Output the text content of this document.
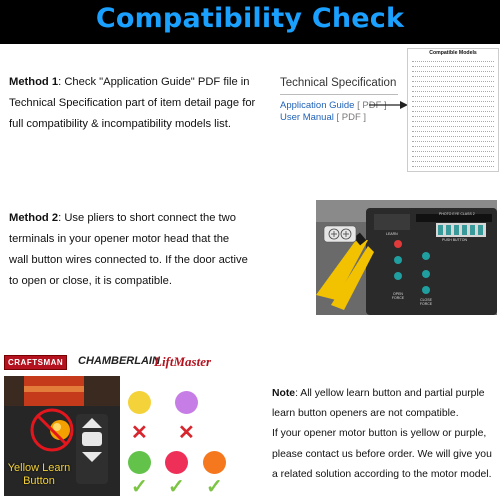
Compatibility Check
Method 1: Check "Application Guide" PDF file in
Technical Specification part of item detail page for
full compatibility & incompatibility models list.
Technical Specification
Application Guide [ PDF ]
User Manual [ PDF ]
Compatible Models
Method 2: Use pliers to short connect the two
terminals in your opener motor head that the
wall button wires connected to. If the door active
to open or close, it is compatible.
PHOTO EYE CLASS 2
PUSH BUTTON
LEARN
OPEN FORCE	CLOSE FORCE
CRAFTSMAN	CHAMBERLAIN
LiftMaster
Yellow Learn
Button
✕ ✕
✓ ✓ ✓
Note: All yellow learn button and partial purple
learn button openers are not compatible.
If your opener motor button is yellow or purple,
please contact us before order. We will give you
a related solution according to the motor model.
